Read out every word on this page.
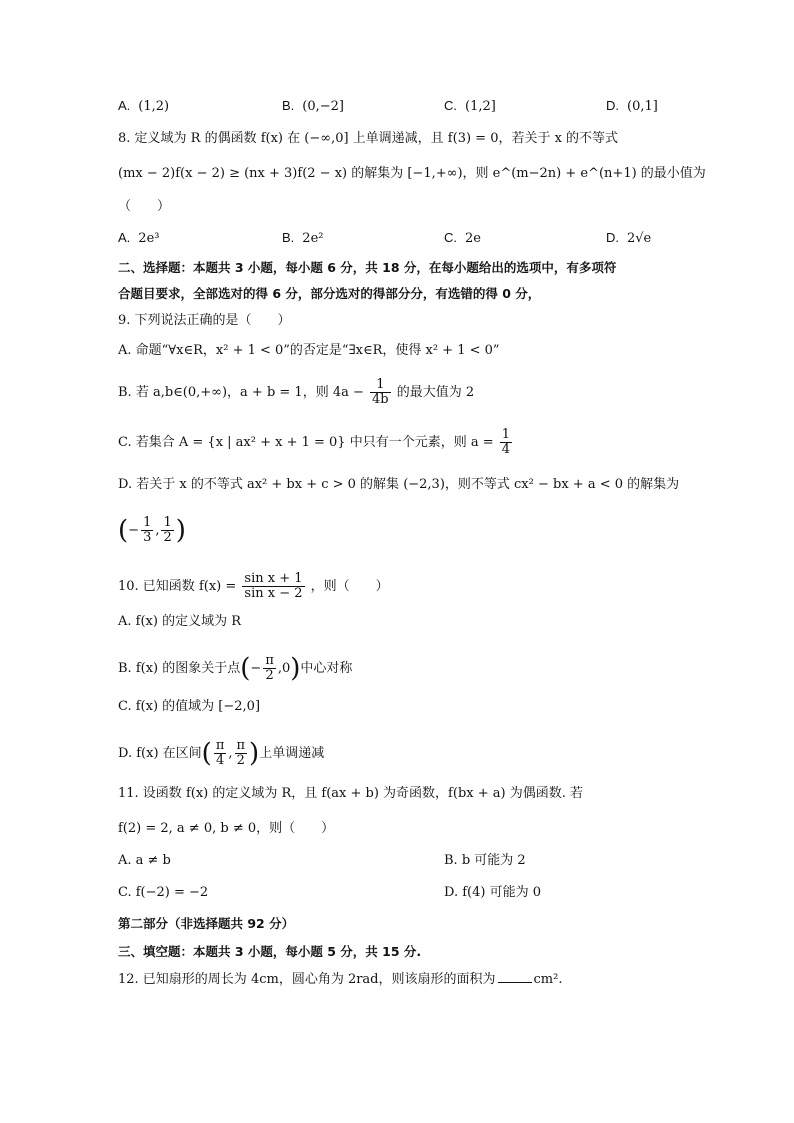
A. (1,2)	B. (0,−2]	C. (1,2]	D. (0,1]
8. 定义域为 R 的偶函数 f(x) 在 (−∞,0] 上单调递减，且 f(3) = 0，若关于 x 的不等式
(mx − 2)f(x − 2) ≥ (nx + 3)f(2 − x) 的解集为 [−1,+∞)，则 e^(m−2n) + e^(n+1) 的最小值为
（　　）
A. 2e³	B. 2e²	C. 2e	D. 2√e
二、选择题：本题共 3 小题，每小题 6 分，共 18 分，在每小题给出的选项中，有多项符
合题目要求，全部选对的得 6 分，部分选对的得部分分，有选错的得 0 分，
9. 下列说法正确的是（　　）
A. 命题“∀x∈R，x² + 1 < 0”的否定是“∃x∈R，使得 x² + 1 < 0”
B. 若 a,b∈(0,+∞)，a + b = 1，则 $4a - \frac{1}{4b}$ 的最大值为 2
C. 若集合 A = {x | ax² + x + 1 = 0} 中只有一个元素，则 $a = \frac{1}{4}$
D. 若关于 x 的不等式 ax² + bx + c > 0 的解集 (−2,3)，则不等式 cx² − bx + a < 0 的解集为
(− $\frac{1}{3}$ , $\frac{1}{2}$ )
10. 已知函数 $f(x) = \frac{\text{sin x + 1}}{\text{sin x − 2}}$ ，则（　　）
A. f(x) 的定义域为 R
B. f(x) 的图象关于点(− $\frac{\pi}{2} ,0$)中心对称
C. f(x) 的值域为 [−2,0]
D. f(x) 在区间( $\frac{\pi}{4}$ , $\frac{\pi}{2}$ )上单调递减
11. 设函数 f(x) 的定义域为 R，且 f(ax + b) 为奇函数，f(bx + a) 为偶函数. 若
f(2) = 2, a ≠ 0, b ≠ 0，则（　　）
A. a ≠ b	B. b 可能为 2
C. f(−2) = −2	D. f(4) 可能为 0
第二部分（非选择题共 92 分）
三、填空题：本题共 3 小题，每小题 5 分，共 15 分.
12. 已知扇形的周长为 4cm，圆心角为 2rad，则该扇形的面积为	cm².
